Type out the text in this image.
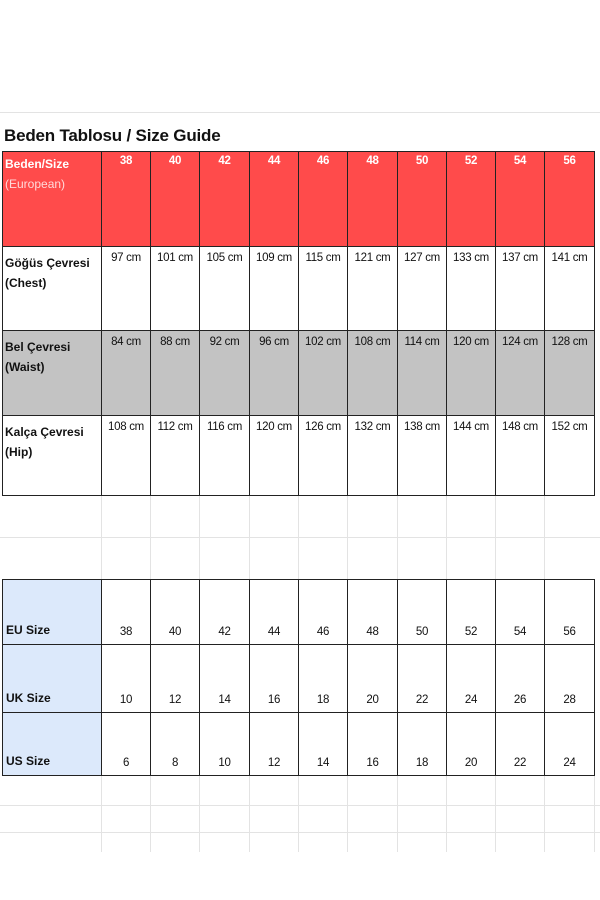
Beden Tablosu / Size Guide
Beden/Size
(European)	38	40	42	44	46	48	50	52	54	56
Göğüs Çevresi
(Chest)	97 cm	101 cm	105 cm	109 cm	115 cm	121 cm	127 cm	133 cm	137 cm	141 cm
Bel Çevresi
(Waist)	84 cm	88 cm	92 cm	96 cm	102 cm	108 cm	114 cm	120 cm	124 cm	128 cm
Kalça Çevresi
(Hip)	108 cm	112 cm	116 cm	120 cm	126 cm	132 cm	138 cm	144 cm	148 cm	152 cm
EU Size	38	40	42	44	46	48	50	52	54	56
UK Size	10	12	14	16	18	20	22	24	26	28
US Size	6	8	10	12	14	16	18	20	22	24
